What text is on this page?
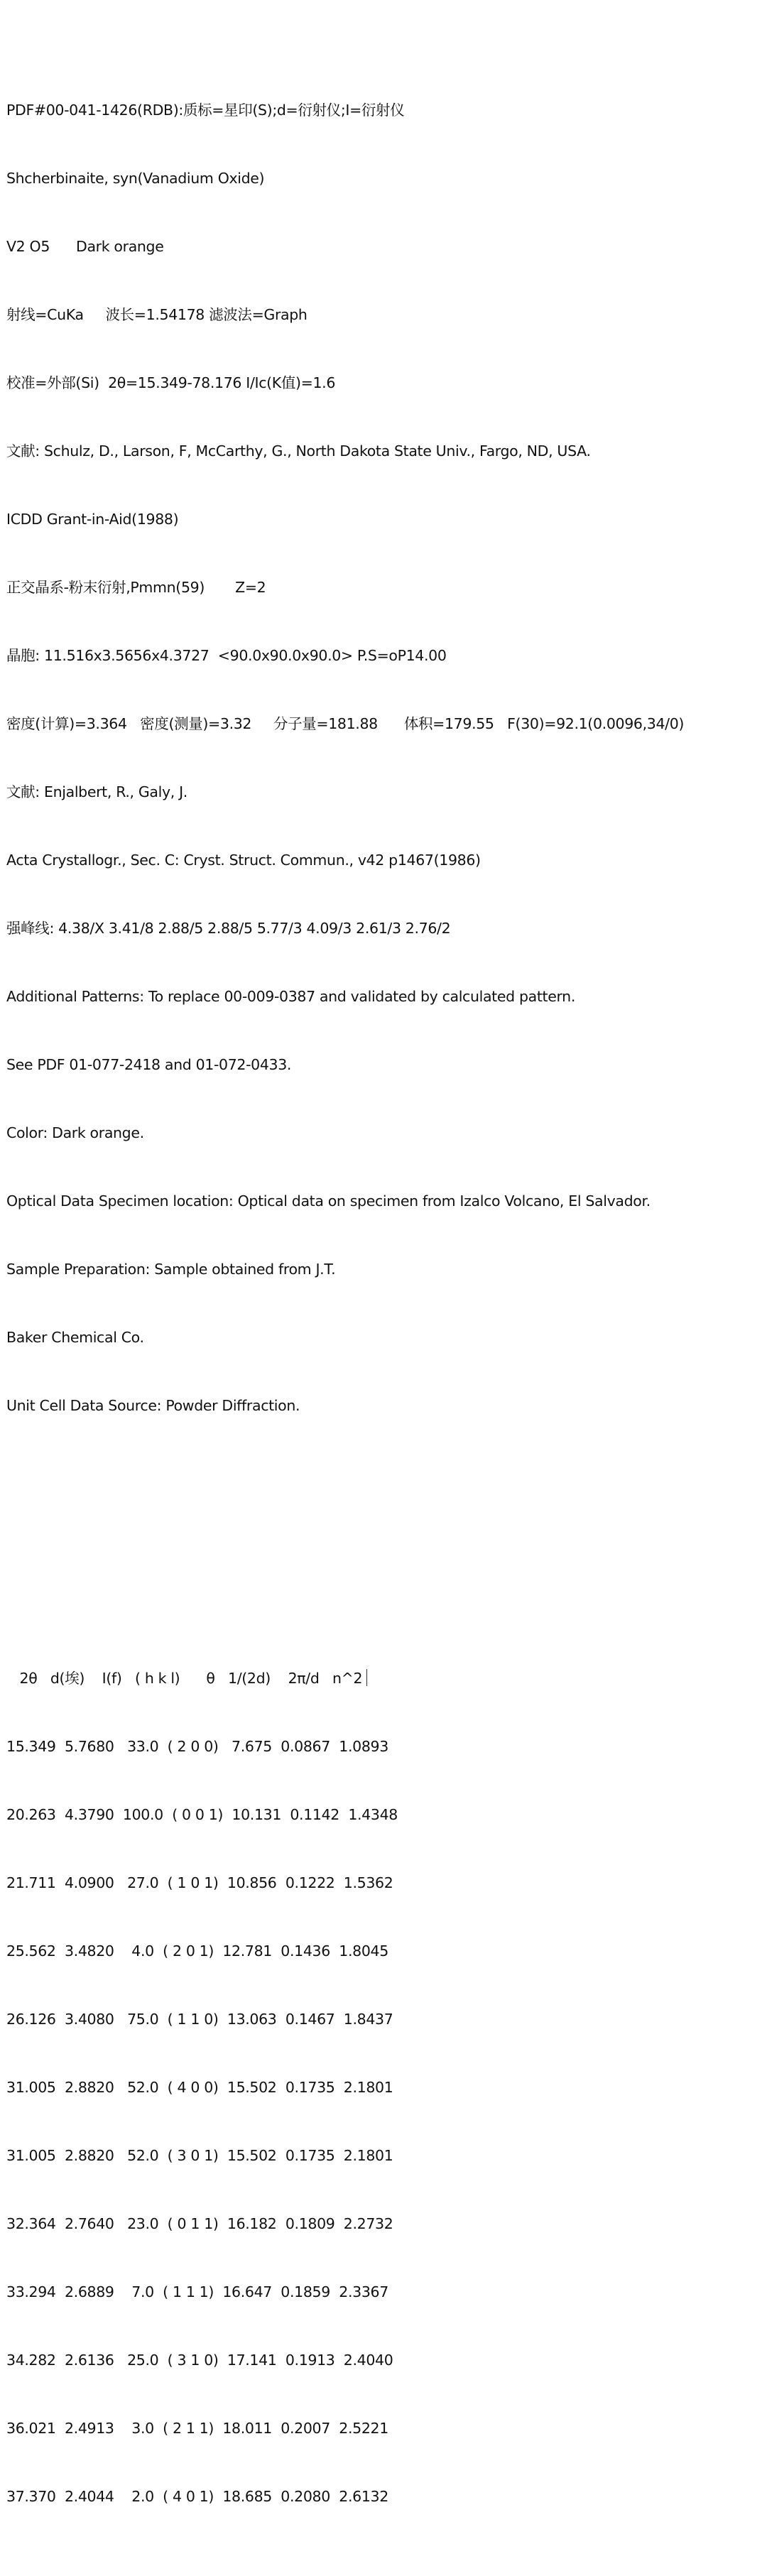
PDF#00-041-1426(RDB):质标=星印(S);d=衍射仪;I=衍射仪

Shcherbinaite, syn(Vanadium Oxide)

V2 O5      Dark orange

射线=CuKa     波长=1.54178 滤波法=Graph

校准=外部(Si)  2θ=15.349-78.176 I/Ic(K值)=1.6

文献: Schulz, D., Larson, F, McCarthy, G., North Dakota State Univ., Fargo, ND, USA.

ICDD Grant-in-Aid(1988)

正交晶系-粉末衍射,Pmmn(59)       Z=2

晶胞: 11.516x3.5656x4.3727  <90.0x90.0x90.0> P.S=oP14.00

密度(计算)=3.364   密度(测量)=3.32     分子量=181.88      体积=179.55   F(30)=92.1(0.0096,34/0)

文献: Enjalbert, R., Galy, J.

Acta Crystallogr., Sec. C: Cryst. Struct. Commun., v42 p1467(1986)

强峰线: 4.38/X 3.41/8 2.88/5 2.88/5 5.77/3 4.09/3 2.61/3 2.76/2

Additional Patterns: To replace 00-009-0387 and validated by calculated pattern.

See PDF 01-077-2418 and 01-072-0433.

Color: Dark orange.

Optical Data Specimen location: Optical data on specimen from Izalco Volcano, El Salvador.

Sample Preparation: Sample obtained from J.T.

Baker Chemical Co.

Unit Cell Data Source: Powder Diffraction.

2θ   d(埃)    I(f)   ( h k l)      θ   1/(2d)    2π/d   n^2

15.349  5.7680   33.0  ( 2 0 0)   7.675  0.0867  1.0893

20.263  4.3790  100.0  ( 0 0 1)  10.131  0.1142  1.4348

21.711  4.0900   27.0  ( 1 0 1)  10.856  0.1222  1.5362

25.562  3.4820    4.0  ( 2 0 1)  12.781  0.1436  1.8045

26.126  3.4080   75.0  ( 1 1 0)  13.063  0.1467  1.8437

31.005  2.8820   52.0  ( 4 0 0)  15.502  0.1735  2.1801

31.005  2.8820   52.0  ( 3 0 1)  15.502  0.1735  2.1801

32.364  2.7640   23.0  ( 0 1 1)  16.182  0.1809  2.2732

33.294  2.6889    7.0  ( 1 1 1)  16.647  0.1859  2.3367

34.282  2.6136   25.0  ( 3 1 0)  17.141  0.1913  2.4040

36.021  2.4913    3.0  ( 2 1 1)  18.011  0.2007  2.5221

37.370  2.4044    2.0  ( 4 0 1)  18.685  0.2080  2.6132
